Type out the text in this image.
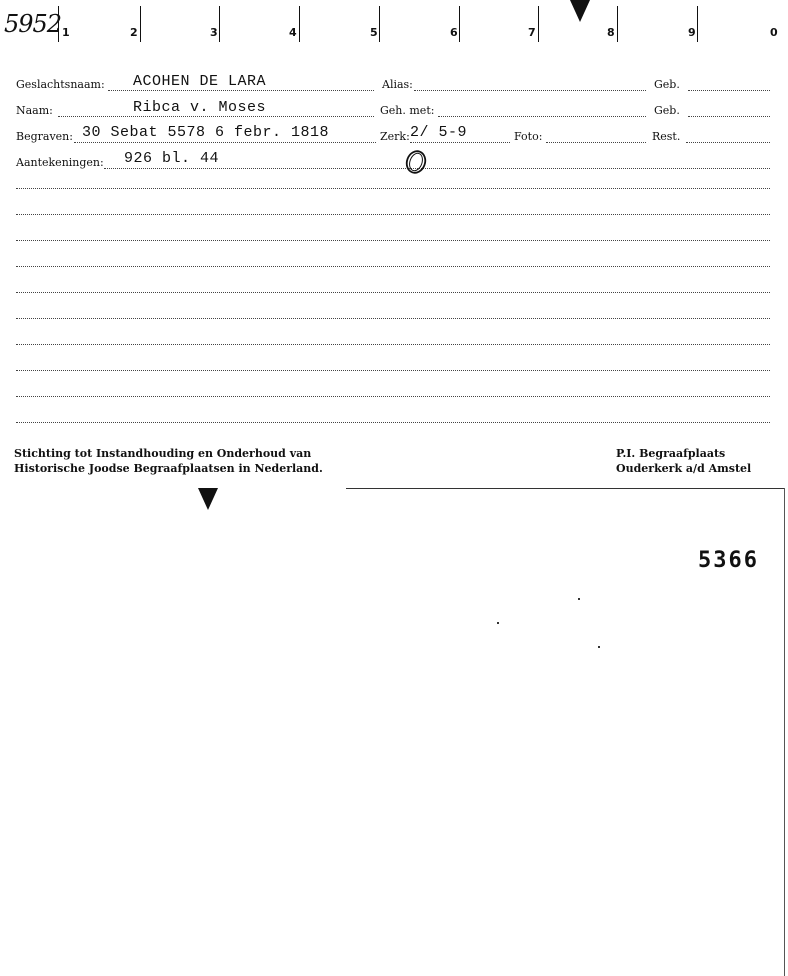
1	2	3	4	5	6	7	8	9	0
5952
Geslachtsnaam: ACOHEN DE LARA	Alias:	Geb.
Naam:	Ribca v. Moses	Geh. met:	Geb.
Begraven: 30 Sebat 5578 6 febr. 1818	Zerk: 2/ 5-9	Foto:	Rest.
Aantekeningen: 926 bl. 44
Stichting tot Instandhouding en Onderhoud van
Historische Joodse Begraafplaatsen in Nederland.
P.I. Begraafplaats
Ouderkerk a/d Amstel
5366
